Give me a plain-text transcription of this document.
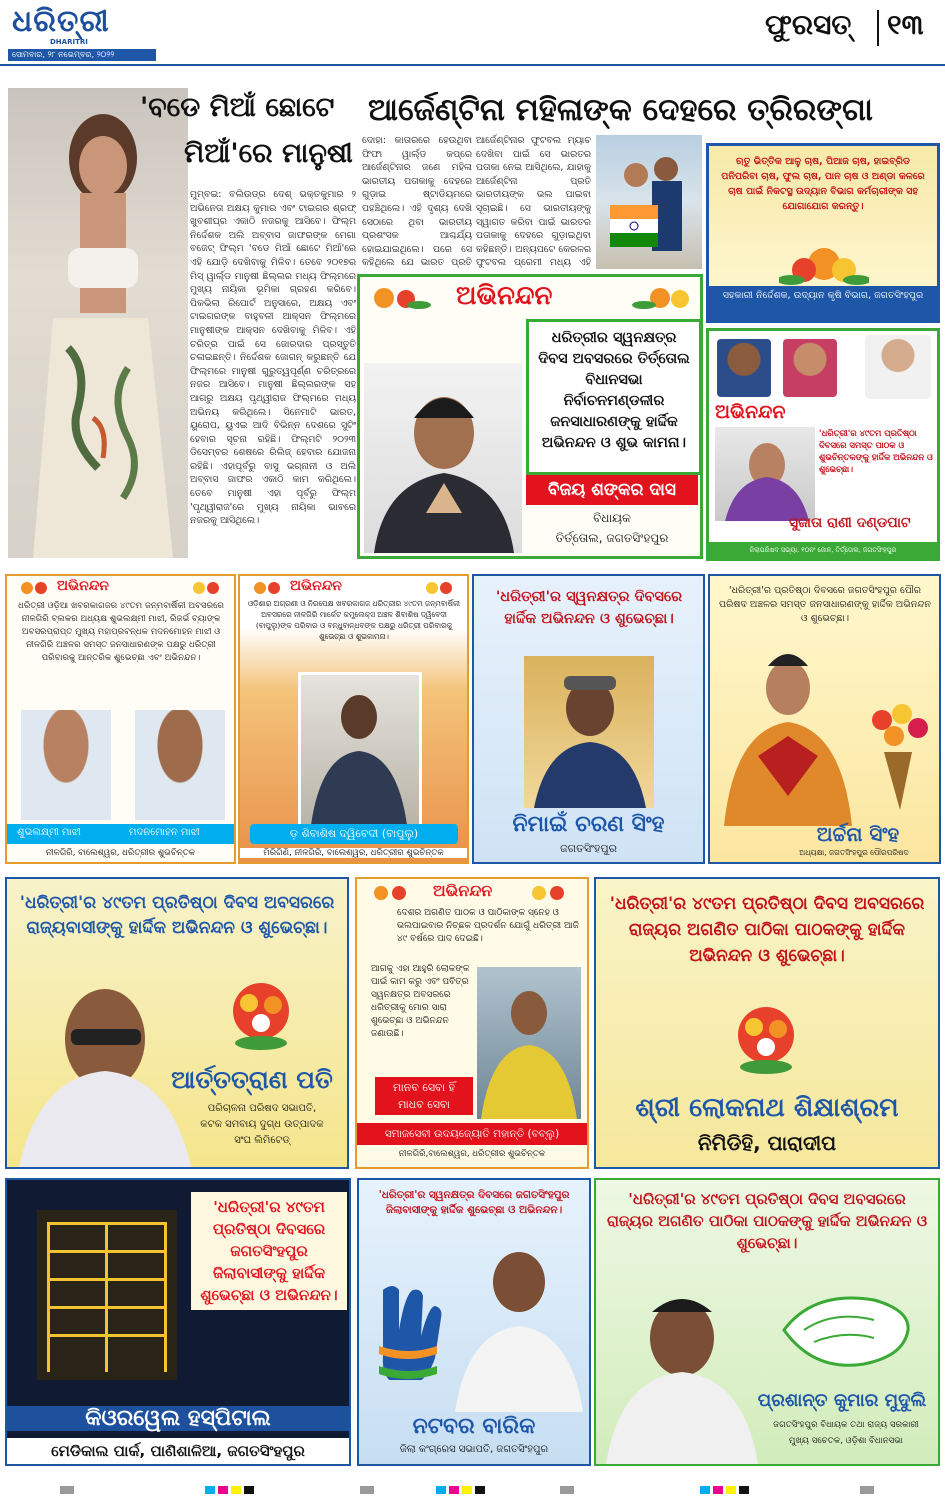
ଧରିତ୍ରୀ
DHARITRI
ସୋମବାର, ୨୮ ନଭେମ୍ବର, ୨୦୨୨
ଫୁରସତ୍ ୧୩
'ବଡେ ମିଆଁ ଛୋଟେ
ମିଆଁ'ରେ ମାନୁଷୀ
ଆର୍ଜେଣ୍ଟିନା ମହିଳାଙ୍କ ଦେହରେ ତ୍ରିରଙ୍ଗା
ମୁମ୍ବଇ: ବଲିଉଡ୍‌ର ଦେଶ୍ ଭକ୍ତକୁମାର ୨ ଅଭିନେତା ଅକ୍ଷୟ କୁମାର ଏବଂ ଟାଇଗର ଶ୍ରଫ୍ ଖୁବଶୀଘ୍ର ଏକାଠି ନଜରକୁ ଆସିବେ। ଫିଲ୍ମ ନିର୍ଦ୍ଦେଶକ ଅଲି ଅବ୍ବାସ ଜାଫରଙ୍କ ମେଗା ବଜେଟ୍ ଫିଲ୍ମ 'ବଡେ ମିଆଁ ଛୋଟେ ମିଆଁ'ରେ ଏହି ଯୋଡ଼ି ଦେଖିବାକୁ ମିଳିବ। ତେବେ ୨୦୧୭ର ମିସ୍ ୱାର୍ଲ୍ଡ ମାନୁଷୀ ଛିଲ୍ଲର ମଧ୍ୟ ଫିଲ୍ମରେ ମୁଖ୍ୟ ନାୟିକା ଭୂମିକା ଗ୍ରହଣ କରିବେ। ପିକଭିଲା ରିପୋର୍ଟ ଅନୁସାରେ, ଅକ୍ଷୟ ଏବଂ ଟାଇଗରଙ୍କ ବାହୁବଳୀ ଆକ୍ସନ ଫିଲ୍ମରେ ମାନୁଷୀଙ୍କ ଆକ୍ସନ ଦେଖିବାକୁ ମିଳିବ। ଏହି ଚରିତ୍ର ପାଇଁ ସେ ଜୋରଦାର ପ୍ରସ୍ତୁତି ଚଳାଇଛନ୍ତି। ନିର୍ଦ୍ଦେଶକ ଜୋଗନ୍ କରୁଛନ୍ତି ଯେ ଫିଲ୍ମରେ ମାନୁଷୀ ଗୁରୁତ୍ୱପୂର୍ଣ୍ଣ ଚରିତ୍ରରେ ନଜର ଆସିବେ। ମାନୁଷୀ ଛିଲ୍ଲରଙ୍କ ସହ ଆଗରୁ ଅକ୍ଷୟ ପୃଥ୍ୱୀରାଜ ଫିଲ୍ମରେ ମଧ୍ୟ ଅଭିନୟ କରିଥିଲେ। ସିନେମାଟି ଭାରତ, ୟୁରୋପ, ୟୁଏଇ ଆଦି ବିଭିନ୍ନ ଦେଶରେ ସୁଟିଂ ହେବାର ସୂଚନା ରହିଛି। ଫିଲ୍ମଟି ୨୦୨୩ ଡିସେମ୍ବର ଶେଷରେ ରିଲିଜ୍ ହେବାର ଯୋଜନା ରହିଛି। ଏହାପୂର୍ବରୁ ବାସୁ ଭଗ୍ନାନୀ ଓ ଅଲି ଅବ୍ବାସ ଜାଫର ଏକାଠି କାମ କରିଥିଲେ। ତେବେ ମାନୁଷୀ ଏହା ପୂର୍ବରୁ ଫିଲ୍ମ 'ପୃଥ୍ୱୀରାଜ'ରେ ମୁଖ୍ୟ ନାୟିକା ଭାବରେ ନଜରକୁ ଆସିଥିଲେ।
ଦୋହା: କାତାରରେ ହେଉଥିବା ଫିଫା ୱାର୍ଲ୍ଡ କପ୍‌ରେ ଆର୍ଜେଣ୍ଟିନାର ଜଣେ ମହିଳା ଭାରତୀୟ ପତାକାକୁ ଦେହରେ ଗୁଡ଼ାଇ ଷ୍ଟାଡିୟମରେ ପହଞ୍ଚିଥିଲେ। ଏହି ଦୃଶ୍ୟ ଦେଖି ସେଠାରେ ଥିବା ଭାରତୀୟ ପ୍ରଶଂସକ ଆଶ୍ଚର୍ଯ୍ୟ ହୋଇଯାଇଥିଲେ। ପରେ ସେ କହିଥିଲେ ଯେ ଭାରତ ପ୍ରତି
ଆର୍ଜେଣ୍ଟିନାର ଫୁଟବଲ ମ୍ୟାଚ ଦେଖିବା ପାଇଁ ସେ ଭାରତର ପତାକା ନେଇ ଆସିଥିଲେ, ଯାହାକୁ ଆର୍ଜେଣ୍ଟିନା ପ୍ରତି ଭାରତୀୟଙ୍କ ଭଲ ପାଇବା ସୂଚାଇଛି। ସେ ଭାରତୀୟଙ୍କୁ ସ୍ୱାଗତ କରିବା ପାଇଁ ଭାରତର ପତାକାକୁ ଦେହରେ ଗୁଡ଼ାଇଥିବା କହିଛନ୍ତି। ଅନ୍ୟପଟେ କେରଳର ଫୁଟବଲ ପ୍ରେମୀ ମଧ୍ୟ ଏହି
ଋତୁ ଭିତ୍ତିକ ଆଳୁ ଚାଷ, ପିଆଜ ଚାଷ, ହାଇବ୍ରିଡ ପନିପରିବା ଚାଷ, ଫୁଲ ଚାଷ, ପାନ ଚାଷ ଓ ଅଣ୍ଡା କଳରେ ଚାଷ ପାଇଁ ନିକଟସ୍ଥ ଉଦ୍ୟାନ ବିଭାଗ କର୍ମଚାରୀଙ୍କ ସହ ଯୋଗାଯୋଗ କରନ୍ତୁ।
ସହକାରୀ ନିର୍ଦ୍ଦେଶକ, ଉଦ୍ୟାନ କୃଷି ବିଭାଗ, ଜଗତସିଂହପୁର
ଅଭିନନ୍ଦନ
ଧରିତ୍ରୀର ସ୍ୱନକ୍ଷତ୍ର ଦିବସ ଅବସରରେ ତିର୍ତ୍ତୋଲ ବିଧାନସଭା ନିର୍ବାଚନମଣ୍ଡଳୀର ଜନସାଧାରଣଙ୍କୁ ହାର୍ଦ୍ଦିକ ଅଭିନନ୍ଦନ ଓ ଶୁଭ କାମନା।
ବିଜୟ ଶଙ୍କର ଦାସ
ବିଧାୟକ
ତିର୍ତ୍ତୋଲ, ଜଗତସିଂହପୁର
ଅଭିନନ୍ଦନ
'ଧରିତ୍ରୀ'ର ୪୯ତମ ପ୍ରତିଷ୍ଠା ଦିବସରେ ସମସ୍ତ ପାଠକ ଓ ଶୁଭଚିନ୍ତକଙ୍କୁ ହାର୍ଦ୍ଦିକ ଅଭିନନ୍ଦନ ଓ ଶୁଭେଚ୍ଛା।
ସୁଜାତା ରାଣୀ ଦଣ୍ଡପାଟ
ଜିଲାପରିଷଦ ସଭ୍ୟା, ୧୦ନଂ ଜୋନ, ତିର୍ତ୍ତୋଲ, ଜଗତସିଂହପୁର
ଅଭିନନ୍ଦନ
ଧରିତ୍ରୀ ଓଡ଼ିଆ ଖବରକାଗଜର ୪୯ତମ ଜନ୍ମବାର୍ଷିକୀ ଅବସରରେ ନୀଳଗିରି ବ୍ଲକର ଅଧ୍ୟକ୍ଷ ଶୁଭଲକ୍ଷ୍ମୀ ମାଝୀ, ରିଜର୍ଭ ବ୍ୟାଙ୍କ ଅବସରପ୍ରାପ୍ତ ମୁଖ୍ୟ ମହାପ୍ରବନ୍ଧକ ମଦନମୋହନ ମାଝୀ ଓ ନୀଳଗିରି ଅଞ୍ଚଳର ସମସ୍ତ ଜନସାଧାରଣଙ୍କ ପକ୍ଷରୁ ଧରିତ୍ରୀ ପରିବାରକୁ ଆନ୍ତରିକ ଶୁଭେଚ୍ଛା ଏବଂ ଅଭିନନ୍ଦନ।
ଶୁଭଲକ୍ଷ୍ମୀ ମାଝୀ	ମଦନମୋହନ ମାଝୀ
ନୀଳଗିରି, ବାଲେଶ୍ୱର, ଧରିତ୍ରୀର ଶୁଭଚିନ୍ତକ
ଅଭିନନ୍ଦନ
ଓଡ଼ିଶାର ଅଗ୍ରଣୀ ଓ ନିରପେକ୍ଷ ଖବରକାଗଜ ଧରିତ୍ରୀର ୪୯ତମ ଜନ୍ମବାର୍ଷିକୀ ଅବସରରେ ନୀଳଗିରି ମାର୍କେଟ କମ୍ପ୍ଲେକ୍ସ ଅଞ୍ଚଳ ଶିବାଶିଷ ଦ୍ୱିବେଦୀ (ବାପୁଲୁ)ଙ୍କ ପରିବାର ଓ ବନ୍ଧୁବାନ୍ଧବଙ୍କ ପକ୍ଷରୁ ଧରିତ୍ରୀ ପରିବାରକୁ ଶୁଭେଚ୍ଛା ଓ ଶୁଭକାମନା।
ଡ଼ ଶିବାଶିଷ ଦ୍ୱିବେଦୀ (ବାପୁଲୁ)
ମିରିଗିଣି, ନୀଳଗିରି, ବାଲେଶ୍ୱର, ଧରିତ୍ରୀର ଶୁଭଚିନ୍ତକ
'ଧରିତ୍ରୀ'ର ସ୍ୱନକ୍ଷତ୍ର ଦିବସରେ ହାର୍ଦ୍ଦିକ ଅଭିନନ୍ଦନ ଓ ଶୁଭେଚ୍ଛା।
ନିମାଇଁ ଚରଣ ସିଂହ
ଜଗତସିଂହପୁର
'ଧରିତ୍ରୀ'ର ପ୍ରତିଷ୍ଠା ଦିବସରେ ଜଗତସିଂହପୁର ପୌର ପରିଷଦ ଅଞ୍ଚଳର ସମସ୍ତ ଜନସାଧାରଣଙ୍କୁ ହାର୍ଦ୍ଦିକ ଅଭିନନ୍ଦନ ଓ ଶୁଭେଚ୍ଛା।
ଅର୍ଚ୍ଚନା ସିଂହ
ଅଧ୍ୟକ୍ଷା, ଜଗତସିଂହପୁର ପୌରପରିଷଦ
'ଧରିତ୍ରୀ'ର ୪୯ତମ ପ୍ରତିଷ୍ଠା ଦିବସ ଅବସରରେ ରାଜ୍ୟବାସୀଙ୍କୁ ହାର୍ଦ୍ଦିକ ଅଭିନନ୍ଦନ ଓ ଶୁଭେଚ୍ଛା।
ଆର୍ତ୍ତତ୍ରାଣ ପତି
ପରିଚାଳନା ପରିଷଦ ସଭାପତି,
କଟକ ସମବାୟ ଦୁଗ୍ଧ ଉତ୍ପାଦକ
ସଂଘ ଲିମିଟେଡ୍
ଅଭିନନ୍ଦନ
ଦେଶର ଅଗଣିତ ପାଠକ ଓ ପାଠିକାଙ୍କ ସ୍ନେହ ଓ ଭଲପାଇବାର ନିଚ୍ଛକ ପ୍ରଦର୍ଶନ ଯୋଗୁଁ ଧରିତ୍ରୀ ଆଜି ୪୯ ବର୍ଷରେ ପାଦ ଦେଇଛି।
ଆଗକୁ ଏହା ଆହୁରି ଲୋକଙ୍କ ପାଇଁ କାମ କରୁ ଏବଂ ପବିତ୍ର ସ୍ୱନକ୍ଷତ୍ର ଅବସରରେ ଧରିତ୍ରୀକୁ ମୋର ସାରା ଶୁଭେଚ୍ଛା ଓ ଅଭିନନ୍ଦନ ଜଣାଉଛି।
ମାନବ ସେବା ହିଁ ମାଧବ ସେବା
ସମାଜସେବୀ ଉଦୟଜ୍ୟୋତି ମହାନ୍ତି (ବବ୍ଲୁ)
ନୀଳଗିରି,ବାଲେଶ୍ୱର, ଧରିତ୍ରୀର ଶୁଭଚିନ୍ତକ
'ଧରିତ୍ରୀ'ର ୪୯ତମ ପ୍ରତିଷ୍ଠା ଦିବସ ଅବସରରେ ରାଜ୍ୟର ଅଗଣିତ ପାଠିକା ପାଠକଙ୍କୁ ହାର୍ଦ୍ଦିକ ଅଭିନନ୍ଦନ ଓ ଶୁଭେଚ୍ଛା।
ଶ୍ରୀ ଲୋକନାଥ ଶିକ୍ଷାଶ୍ରମ
ନିମିଡିହି, ପାରାଦୀପ
'ଧରିତ୍ରୀ'ର ୪୯ତମ ପ୍ରତିଷ୍ଠା ଦିବସରେ ଜଗତସିଂହପୁର ଜିଲାବାସୀଙ୍କୁ ହାର୍ଦ୍ଦିକ ଶୁଭେଚ୍ଛା ଓ ଅଭିନନ୍ଦନ।
କିଓରୱେଲ ହସ୍ପିଟାଲ
ମେଡିକାଲ ପାର୍କ, ପାଣିଶାଳିଆ, ଜଗତସିଂହପୁର
'ଧରିତ୍ରୀ'ର ସ୍ୱନକ୍ଷତ୍ର ଦିବସରେ ଜଗତସିଂହପୁର ଜିଲାବାସୀଙ୍କୁ ହାର୍ଦ୍ଦିକ ଶୁଭେଚ୍ଛା ଓ ଅଭିନନ୍ଦନ।
ନଟବର ବାରିକ
ଜିଲା କଂଗ୍ରେସ ସଭାପତି, ଜଗତସିଂହପୁର
'ଧରିତ୍ରୀ'ର ୪୯ତମ ପ୍ରତିଷ୍ଠା ଦିବସ ଅବସରରେ ରାଜ୍ୟର ଅଗଣିତ ପାଠିକା ପାଠକଙ୍କୁ ହାର୍ଦ୍ଦିକ ଅଭିନନ୍ଦନ ଓ ଶୁଭେଚ୍ଛା।
ପ୍ରଶାନ୍ତ କୁମାର ମୁଦୁଲି
ଜଗତସିଂହପୁର ବିଧାୟକ ତଥା ରାଜ୍ୟ ସରକାରୀ
ମୁଖ୍ୟ ସଚେତକ, ଓଡ଼ିଶା ବିଧାନସଭା
